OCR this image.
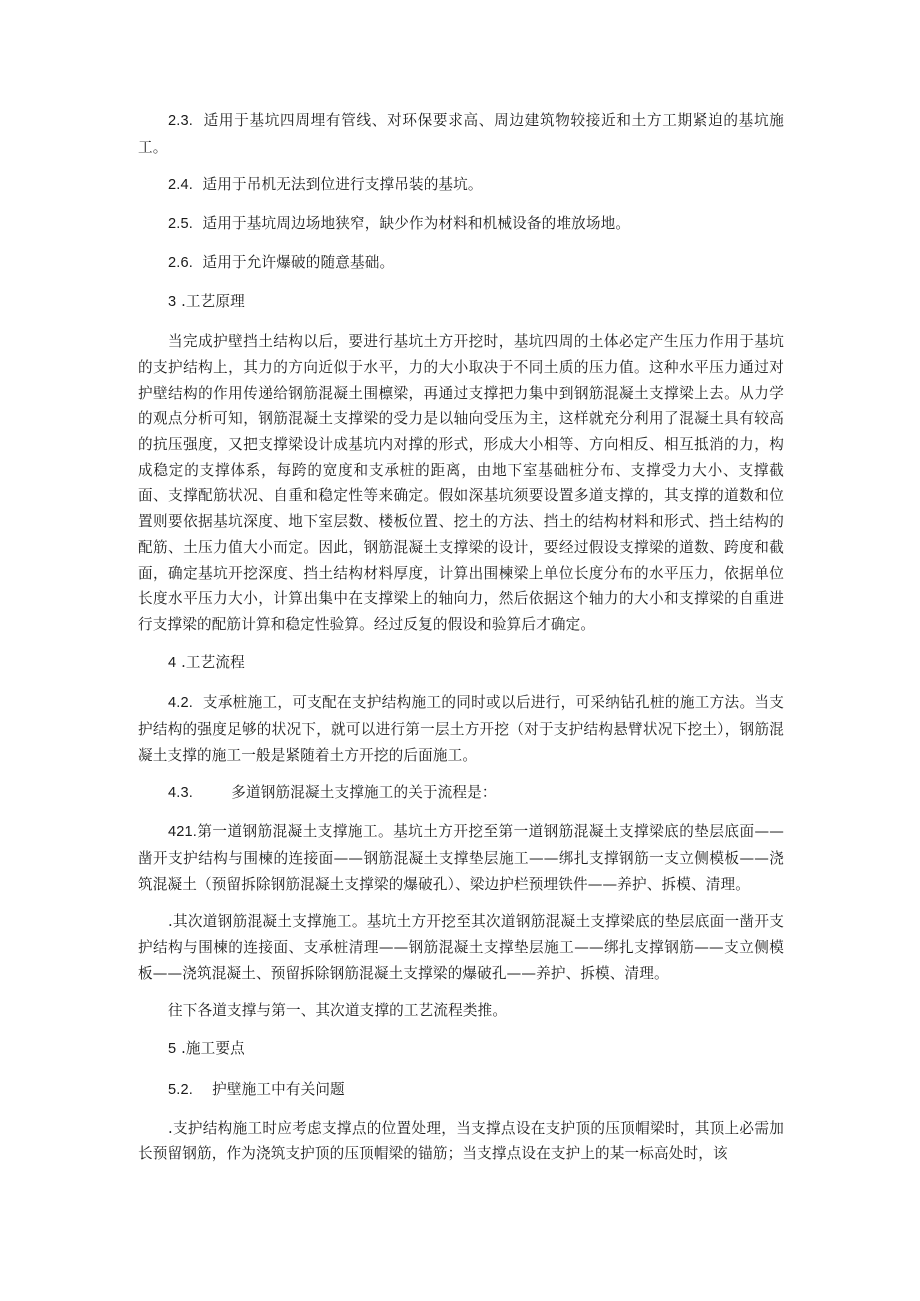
2.3. 适用于基坑四周埋有管线、对环保要求高、周边建筑物较接近和土方工期紧迫的基坑施工。

2.4. 适用于吊机无法到位进行支撑吊装的基坑。

2.5. 适用于基坑周边场地狭窄，缺少作为材料和机械设备的堆放场地。

2.6. 适用于允许爆破的随意基础。

3 .工艺原理

当完成护壁挡土结构以后，要进行基坑土方开挖时，基坑四周的土体必定产生压力作用于基坑的支护结构上，其力的方向近似于水平，力的大小取决于不同土质的压力值。这种水平压力通过对护壁结构的作用传递给钢筋混凝土围檩梁，再通过支撑把力集中到钢筋混凝土支撑梁上去。从力学的观点分析可知，钢筋混凝土支撑梁的受力是以轴向受压为主，这样就充分利用了混凝土具有较高的抗压强度，又把支撑梁设计成基坑内对撑的形式，形成大小相等、方向相反、相互抵消的力，构成稳定的支撑体系，每跨的宽度和支承桩的距离，由地下室基础桩分布、支撑受力大小、支撑截面、支撑配筋状况、自重和稳定性等来确定。假如深基坑须要设置多道支撑的，其支撑的道数和位置则要依据基坑深度、地下室层数、楼板位置、挖土的方法、挡土的结构材料和形式、挡土结构的配筋、土压力值大小而定。因此，钢筋混凝土支撑梁的设计，要经过假设支撑梁的道数、跨度和截面，确定基坑开挖深度、挡土结构材料厚度，计算出围楝梁上单位长度分布的水平压力，依据单位长度水平压力大小，计算出集中在支撑梁上的轴向力，然后依据这个轴力的大小和支撑梁的自重进行支撑梁的配筋计算和稳定性验算。经过反复的假设和验算后才确定。

4 .工艺流程

4.2. 支承桩施工，可支配在支护结构施工的同时或以后进行，可采纳钻孔桩的施工方法。当支护结构的强度足够的状况下，就可以进行第一层土方开挖（对于支护结构悬臂状况下挖土），钢筋混凝土支撑的施工一般是紧随着土方开挖的后面施工。

4.3.	多道钢筋混凝土支撑施工的关于流程是：

421.第一道钢筋混凝土支撑施工。基坑土方开挖至第一道钢筋混凝土支撑梁底的垫层底面——凿开支护结构与围楝的连接面——钢筋混凝土支撑垫层施工——绑扎支撑钢筋一支立侧模板——浇筑混凝土（预留拆除钢筋混凝土支撑梁的爆破孔）、梁边护栏预埋铁件——养护、拆模、清理。

.其次道钢筋混凝土支撑施工。基坑土方开挖至其次道钢筋混凝土支撑梁底的垫层底面一凿开支护结构与围楝的连接面、支承桩清理——钢筋混凝土支撑垫层施工——绑扎支撑钢筋——支立侧模板——浇筑混凝土、预留拆除钢筋混凝土支撑梁的爆破孔——养护、拆模、清理。

往下各道支撑与第一、其次道支撑的工艺流程类推。

5 .施工要点

5.2. 护壁施工中有关问题

.支护结构施工时应考虑支撑点的位置处理，当支撑点设在支护顶的压顶帽梁时，其顶上必需加长预留钢筋，作为浇筑支护顶的压顶帽梁的锚筋；当支撑点设在支护上的某一标高处时，该
